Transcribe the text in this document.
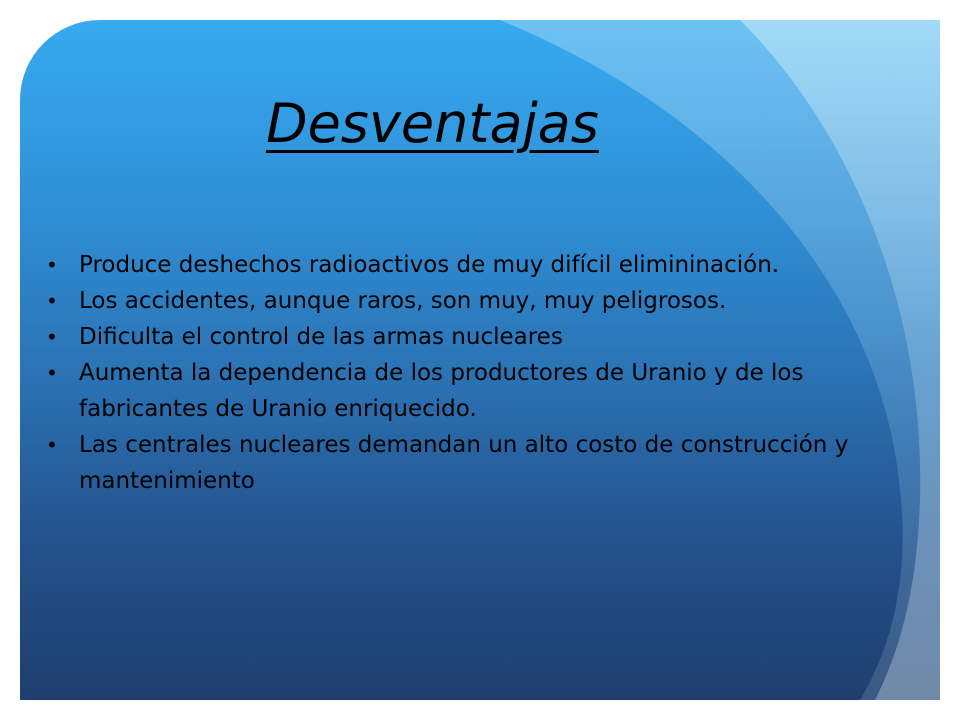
Desventajas
• Produce deshechos radioactivos de muy difícil elimininación.
• Los accidentes, aunque raros, son muy, muy peligrosos.
• Dificulta el control de las armas nucleares
• Aumenta la dependencia de los productores de Uranio y de los fabricantes de Uranio enriquecido.
• Las centrales nucleares demandan un alto costo de construcción y mantenimiento
